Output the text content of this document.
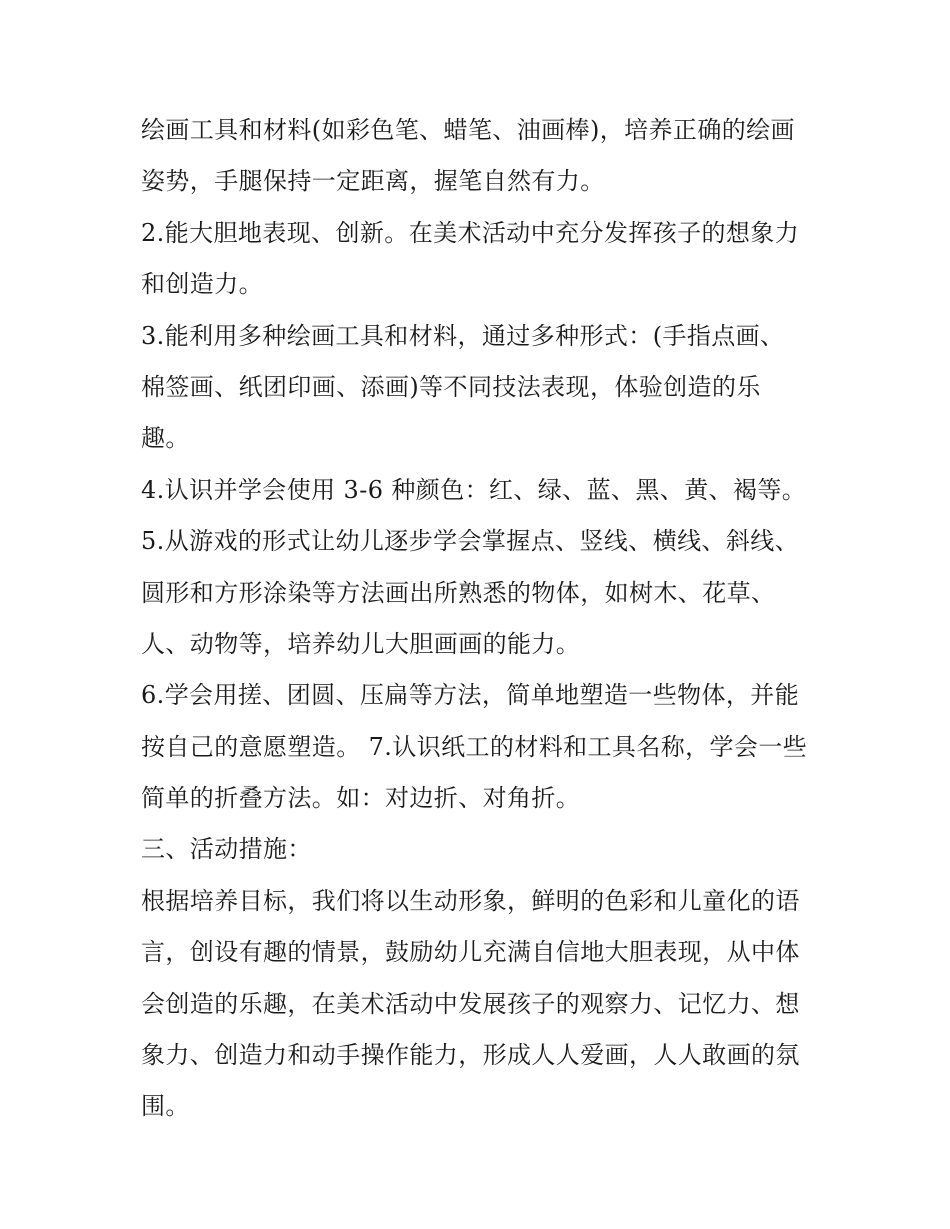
绘画工具和材料(如彩色笔、蜡笔、油画棒)，培养正确的绘画
姿势，手腿保持一定距离，握笔自然有力。
2.能大胆地表现、创新。在美术活动中充分发挥孩子的想象力
和创造力。
3.能利用多种绘画工具和材料，通过多种形式：(手指点画、
棉签画、纸团印画、添画)等不同技法表现，体验创造的乐
趣。
4.认识并学会使用 3-6 种颜色：红、绿、蓝、黑、黄、褐等。
5.从游戏的形式让幼儿逐步学会掌握点、竖线、横线、斜线、
圆形和方形涂染等方法画出所熟悉的物体，如树木、花草、
人、动物等，培养幼儿大胆画画的能力。
6.学会用搓、团圆、压扁等方法，简单地塑造一些物体，并能
按自己的意愿塑造。 7.认识纸工的材料和工具名称，学会一些
简单的折叠方法。如：对边折、对角折。
三、活动措施：
根据培养目标，我们将以生动形象，鲜明的色彩和儿童化的语
言，创设有趣的情景，鼓励幼儿充满自信地大胆表现，从中体
会创造的乐趣，在美术活动中发展孩子的观察力、记忆力、想
象力、创造力和动手操作能力，形成人人爱画，人人敢画的氛
围。
